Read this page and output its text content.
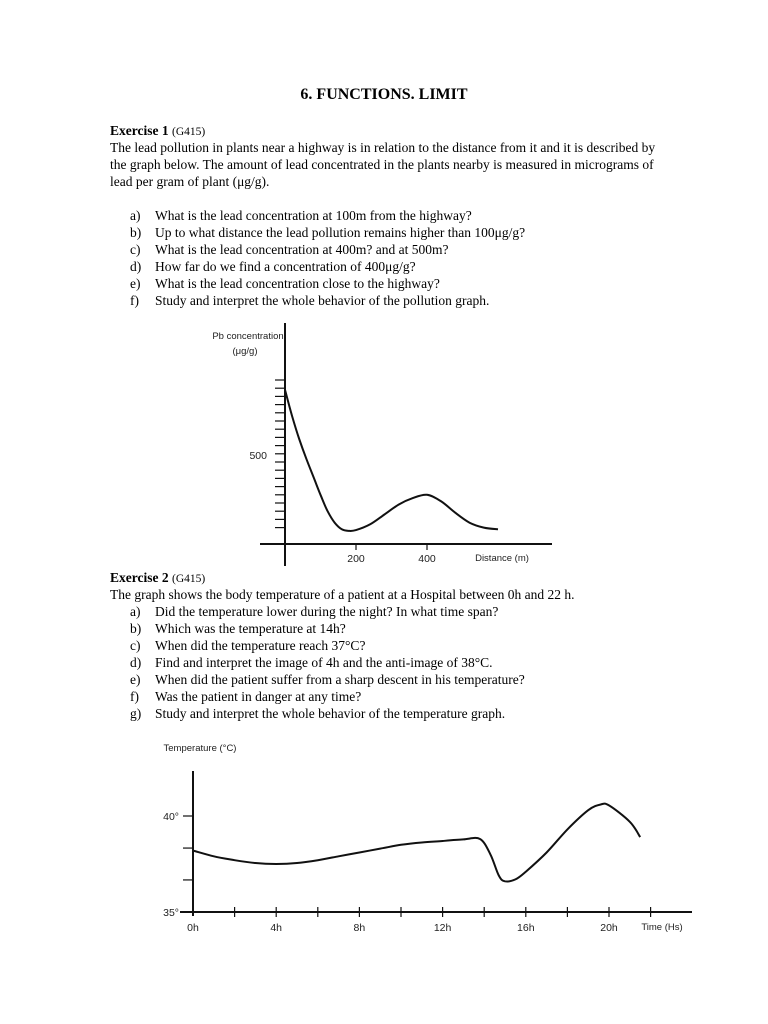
6. FUNCTIONS. LIMIT
Exercise 1 (G415)

The lead pollution in plants near a highway is in relation to the distance from it and it is described by the graph below. The amount of lead concentrated in the plants nearby is measured in micrograms of lead per gram of plant (μg/g).

a) What is the lead concentration at 100m from the highway?
b) Up to what distance the lead pollution remains higher than 100μg/g?
c) What is the lead concentration at 400m? and at 500m?
d) How far do we find a concentration of 400μg/g?
e) What is the lead concentration close to the highway?
f) Study and interpret the whole behavior of the pollution graph.
Pb concentration
(μg/g)
Distance (m)
500
200	400
Exercise 2 (G415)

The graph shows the body temperature of a patient at a Hospital between 0h and 22 h.

a) Did the temperature lower during the night? In what time span?
b) Which was the temperature at 14h?
c) When did the temperature reach 37°C?
d) Find and interpret the image of 4h and the anti-image of 38°C.
e) When did the patient suffer from a sharp descent in his temperature?
f) Was the patient in danger at any time?
g) Study and interpret the whole behavior of the temperature graph.
Temperature (°C)
Time (Hs)
35°
40°
0h	4h	8h	12h	16h	20h
